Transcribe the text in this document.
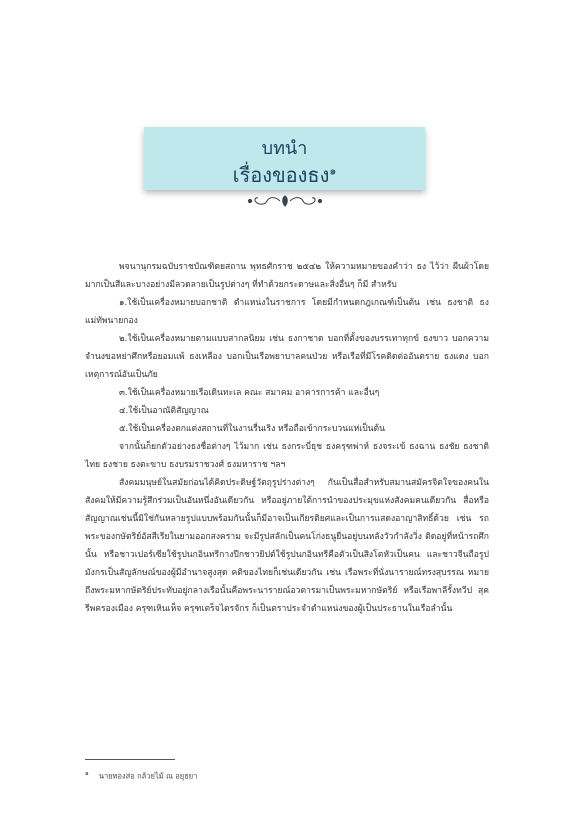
บทนำ
เรื่องของธง$^๑$

พจนานุกรมฉบับราชบัณฑิตยสถาน พุทธศักราช ๒๕๔๒ ให้ความหมายของคำว่า ธง ไว้ว่า ผืนผ้าโดยมากเป็นสีและบางอย่างมีลวดลายเป็นรูปต่างๆ ที่ทำด้วยกระดาษและสิ่งอื่นๆ ก็มี สำหรับ

๑.ใช้เป็นเครื่องหมายบอกชาติ ตำแหน่งในราชการ โดยมีกำหนดกฎเกณฑ์เป็นต้น เช่น ธงชาติ ธงแม่ทัพนายกอง

๒.ใช้เป็นเครื่องหมายตามแบบสากลนิยม เช่น ธงกาชาด บอกที่ตั้งของบรรเทาทุกข์ ธงขาว บอกความจำนงขอหย่าศึกหรือยอมแพ้ ธงเหลือง บอกเป็นเรือพยาบาลคนป่วย หรือเรือที่มีโรคติดต่ออันตราย ธงแดง บอกเหตุการณ์อันเป็นภัย

๓.ใช้เป็นเครื่องหมายเรือเดินทะเล คณะ สมาคม อาคารการค้า และอื่นๆ

๔.ใช้เป็นอาณัติสัญญาณ

๕.ใช้เป็นเครื่องตกแต่งสถานที่ในงานรื่นเริง หรือถือเข้ากระบวนแห่เป็นต้น

จากนั้นก็ยกตัวอย่างธงชื่อต่างๆ ไว้มาก เช่น ธงกระบี่ธุช ธงครุฑพ่าห์ ธงจระเข้ ธงฉาน ธงชัย ธงชาติไทย ธงชาย ธงตะขาบ ธงบรมราชวงศ์ ธงมหาราช ฯลฯ

สังคมมนุษย์ในสมัยก่อนได้คิดประดิษฐ์วัตถุรูปร่างต่างๆ กันเป็นสื่อสำหรับสมานสมัครจิตใจของคนในสังคมให้มีความรู้สึกร่วมเป็นอันหนึ่งอันเดียวกัน หรืออยู่ภายใต้การนำของประมุขแห่งสังคมคนเดียวกัน สื่อหรือสัญญาณเช่นนี้มิใช่กันหลายรูปแบบพร้อมกันนั้นก็มีอาจเป็นเกียรติยศและเป็นการแสดงอาญาสิทธิ์ด้วย เช่น รถพระของกษัตริย์อัสสีเรียในยามออกสงคราม จะมีรูปสลักเป็นคนโก่งธนูยืนอยู่บนหลังวัวกำลังวิ่ง ติดอยู่ที่หน้ารถศึกนั้น หรือชาวเปอร์เซียใช้รูปนกอินทรีกางปีกชาวยิปต์ใช้รูปนกอินทรีคือตัวเป็นสิงโตหัวเป็นคน และชาวจีนถือรูปมังกรเป็นสัญลักษณ์ของผู้มีอำนาจสูงสุด คติของไทยก็เช่นเดียวกัน เช่น เรือพระที่นั่งนารายณ์ทรงสุบรรณ หมายถึงพระมหากษัตริย์ประทับอยู่กลางเรือนั้นคือพระนารายณ์อวตารมาเป็นพระมหากษัตริย์ หรือเรือพาลีรั้งทวีป สุครีพครองเมือง ครุฑเหินเห็จ ครุฑเตร็จไตรจักร ก็เป็นตราประจำตำแหน่งของผู้เป็นประธานในเรือลำนั้น

$^๑$ นายทองส่อ กล้วยไม้ ณ อยุธยา
